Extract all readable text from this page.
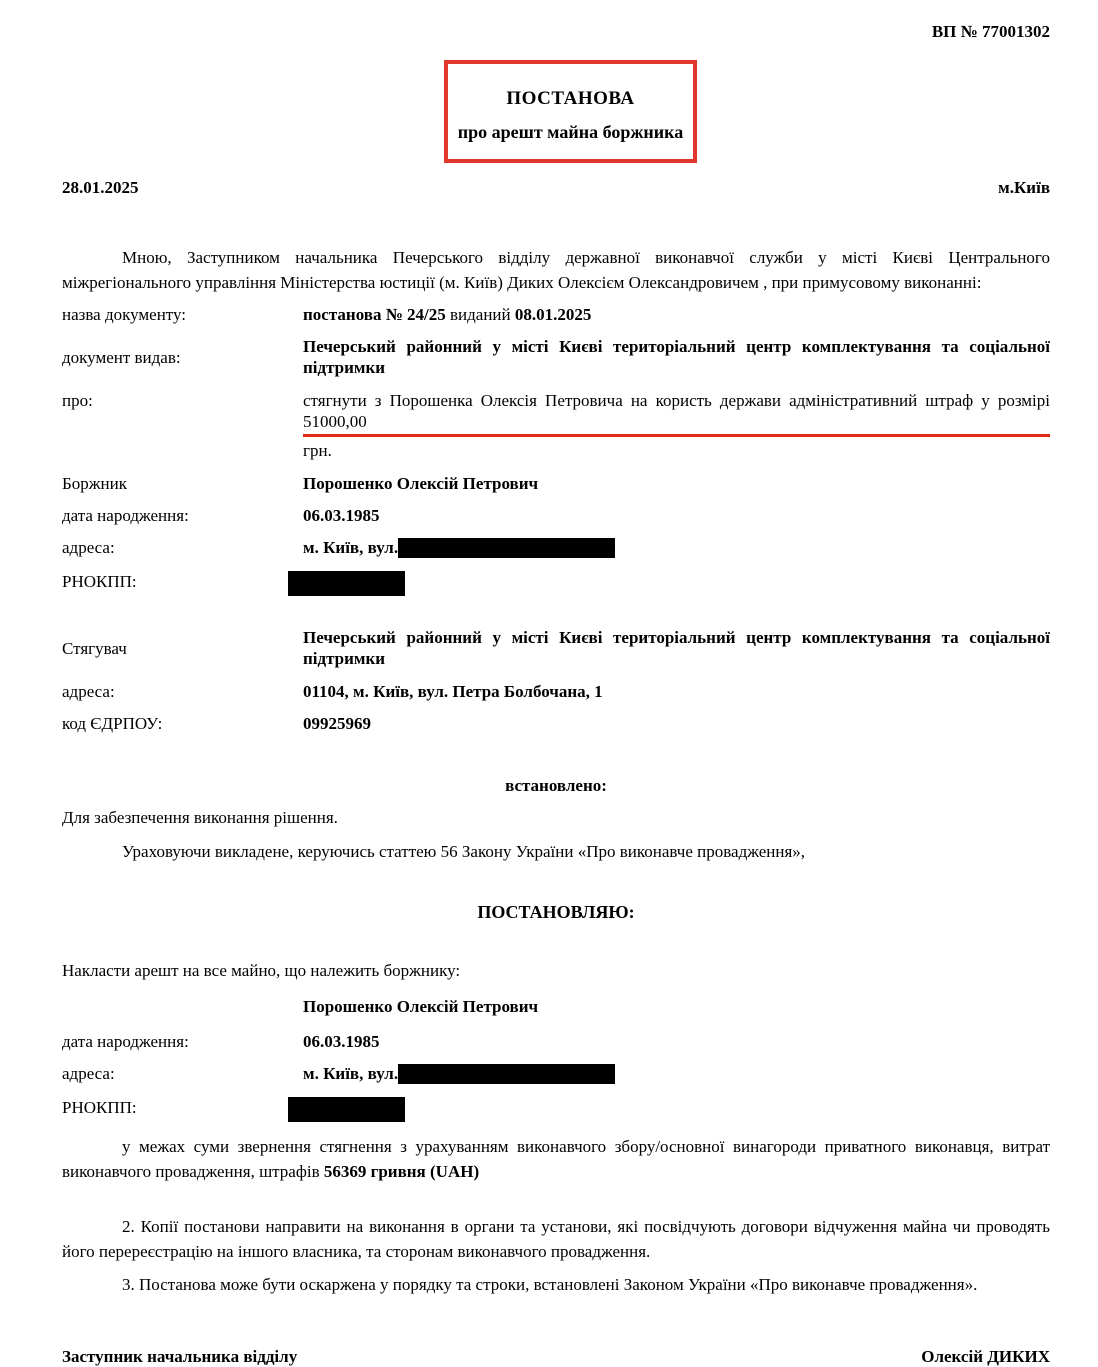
ВП № 77001302
ПОСТАНОВА
про арешт майна боржника
28.01.2025	м.Київ
Мною, Заступником начальника Печерського відділу державної виконавчої служби у місті Києві Центрального міжрегіонального управління Міністерства юстиції (м. Київ) Диких Олексієм Олександровичем , при примусовому виконанні:
назва документу:	постанова № 24/25 виданий 08.01.2025
документ видав:
Печерський районний у місті Києві територіальний центр комплектування та соціальної підтримки
про:	стягнути з Порошенка Олексія Петровича на користь держави адміністративний штраф у розмірі 51000,00
грн.
Боржник	Порошенко Олексій Петрович
дата народження:	06.03.1985
адреса:	м. Київ, вул.
РНОКПП:
Стягувач
Печерський районний у місті Києві територіальний центр комплектування та соціальної підтримки
адреса:	01104, м. Київ, вул. Петра Болбочана, 1
код ЄДРПОУ:	09925969
встановлено:
Для забезпечення виконання рішення.
Ураховуючи викладене, керуючись статтею 56 Закону України «Про виконавче провадження»,
ПОСТАНОВЛЯЮ:
Накласти арешт на все майно, що належить боржнику:
Порошенко Олексій Петрович
дата народження:	06.03.1985
адреса:	м. Київ, вул.
РНОКПП:
у межах суми звернення стягнення з урахуванням виконавчого збору/основної винагороди приватного виконавця, витрат виконавчого провадження, штрафів 56369 гривня (UAH)
2. Копії постанови направити на виконання в органи та установи, які посвідчують договори відчуження майна чи проводять його перереєстрацію на іншого власника, та сторонам виконавчого провадження.
3. Постанова може бути оскаржена у порядку та строки, встановлені Законом України «Про виконавче провадження».
Заступник начальника відділу	Олексій ДИКИХ
